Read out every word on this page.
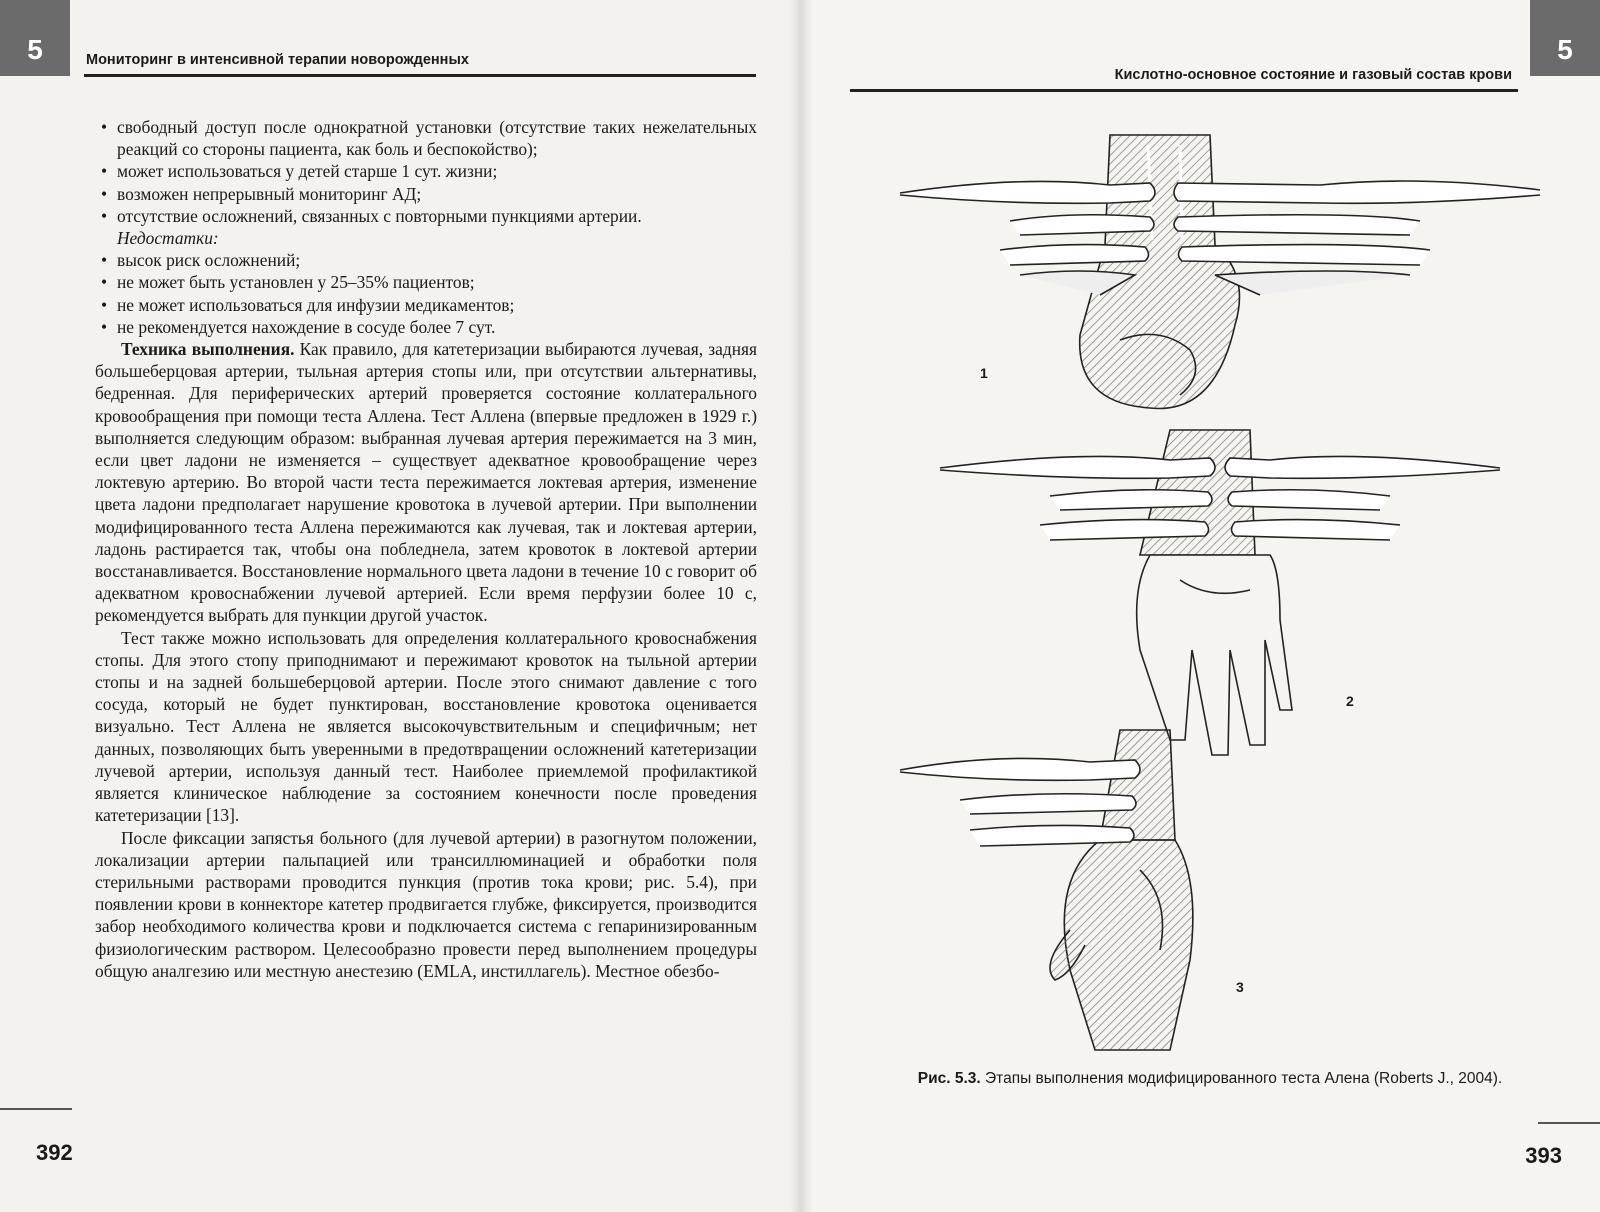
5	Мониторинг в интенсивной терапии новорожденных
• свободный доступ после однократной установки (отсутствие таких нежелательных реакций со стороны пациента, как боль и беспокойство);
• может использоваться у детей старше 1 сут. жизни;
• возможен непрерывный мониторинг АД;
• отсутствие осложнений, связанных с повторными пункциями артерии.
Недостатки:
• высок риск осложнений;
• не может быть установлен у 25–35% пациентов;
• не может использоваться для инфузии медикаментов;
• не рекомендуется нахождение в сосуде более 7 сут.

Техника выполнения. Как правило, для катетеризации выбираются лучевая, задняя большеберцовая артерии, тыльная артерия стопы или, при отсутствии альтернативы, бедренная. Для периферических артерий проверяется состояние коллатерального кровообращения при помощи теста Аллена. Тест Аллена (впервые предложен в 1929 г.) выполняется следующим образом: выбранная лучевая артерия пережимается на 3 мин, если цвет ладони не изменяется – существует адекватное кровообращение через локтевую артерию. Во второй части теста пережимается локтевая артерия, изменение цвета ладони предполагает нарушение кровотока в лучевой артерии. При выполнении модифицированного теста Аллена пережимаются как лучевая, так и локтевая артерии, ладонь растирается так, чтобы она побледнела, затем кровоток в локтевой артерии восстанавливается. Восстановление нормального цвета ладони в течение 10 с говорит об адекватном кровоснабжении лучевой артерией. Если время перфузии более 10 с, рекомендуется выбрать для пункции другой участок.

Тест также можно использовать для определения коллатерального кровоснабжения стопы. Для этого стопу приподнимают и пережимают кровоток на тыльной артерии стопы и на задней большеберцовой артерии. После этого снимают давление с того сосуда, который не будет пунктирован, восстановление кровотока оценивается визуально. Тест Аллена не является высокочувствительным и специфичным; нет данных, позволяющих быть уверенными в предотвращении осложнений катетеризации лучевой артерии, используя данный тест. Наиболее приемлемой профилактикой является клиническое наблюдение за состоянием конечности после проведения катетеризации [13].

После фиксации запястья больного (для лучевой артерии) в разогнутом положении, локализации артерии пальпацией или трансиллюминацией и обработки поля стерильными растворами проводится пункция (против тока крови; рис. 5.4), при появлении крови в коннекторе катетер продвигается глубже, фиксируется, производится забор необходимого количества крови и подключается система с гепаринизированным физиологическим раствором. Целесообразно провести перед выполнением процедуры общую аналгезию или местную анестезию (EMLA, инстиллагель). Местное обезбо-

392
5
Кислотно-основное состояние и газовый состав крови
1
2
3
Рис. 5.3. Этапы выполнения модифицированного теста Алена (Roberts J., 2004).
393
